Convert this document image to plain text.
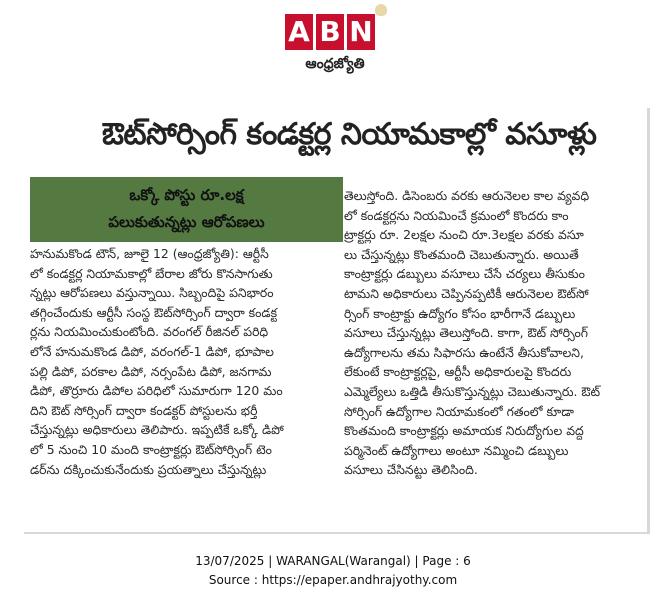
A B N
ఆంధ్రజ్యోతి
ఔట్‌సోర్సింగ్ కండక్టర్ల నియామకాల్లో వసూళ్లు
ఒక్కో పోస్టు రూ.లక్ష
పలుకుతున్నట్లు ఆరోపణలు
హనుమకొండ టౌన్, జూలై 12 (ఆంధ్రజ్యోతి): ఆర్టీసీ
లో కండక్టర్ల నియామకాల్లో బేరాల జోరు కొనసాగుతు
న్నట్లు ఆరోపణలు వస్తున్నాయి. సిబ్బందిపై పనిభారం
తగ్గించేందుకు ఆర్టీసీ సంస్థ ఔట్‌సోర్సింగ్ ద్వారా కండక్ట
ర్లను నియమించుకుంటోంది. వరంగల్ రీజినల్ పరిధి
లోనే హనుమకొండ డిపో, వరంగల్-1 డిపో, భూపాల
పల్లి డిపో, పరకాల డిపో, నర్సంపేట డిపో, జనగామ
డిపో, తొర్రూరు డిపోల పరిధిలో సుమారుగా 120 మం
దిని ఔట్ సోర్సింగ్ ద్వారా కండక్టర్ పోస్టులను భర్తీ
చేస్తున్నట్లు అధికారులు తెలిపారు. ఇప్పటికే ఒక్కో డిపో
లో 5 నుంచి 10 మంది కాంట్రాక్టర్లు ఔట్‌సోర్సింగ్ టెం
డర్‌ను దక్కించుకునేందుకు ప్రయత్నాలు చేస్తున్నట్లు
తెలుస్తోంది. డిసెంబరు వరకు ఆరునెలల కాల వ్యవధి
లో కండక్టర్లను నియమించే క్రమంలో కొందరు కాం
ట్రాక్టర్లు రూ. 2లక్షల నుంచి రూ.3లక్షల వరకు వసూ
లు చేస్తున్నట్లు కొంతమంది చెబుతున్నారు. అయితే
కాంట్రాక్టర్లు డబ్బులు వసూలు చేసే చర్యలు తీసుకుం
టామని అధికారులు చెప్పినప్పటికీ ఆరునెలల ఔట్‌సో
ర్సింగ్ కాంట్రాక్టు ఉద్యోగం కోసం భారీగానే డబ్బులు
వసూలు చేస్తున్నట్లు తెలుస్తోంది. కాగా, ఔట్ సోర్సింగ్
ఉద్యోగాలను తమ సిఫారసు ఉంటేనే తీసుకోవాలని,
లేకుంటే కాంట్రాక్టర్లపై, ఆర్టీసీ అధికారులపై కొందరు
ఎమ్మెల్యేలు ఒత్తిడి తీసుకొస్తున్నట్లు చెబుతున్నారు. ఔట్
సోర్సింగ్ ఉద్యోగాల నియామకంలో గతంలో కూడా
కొంతమంది కాంట్రాక్టర్లు అమాయక నిరుద్యోగుల వద్ద
పర్మినెంట్ ఉద్యోగాలు అంటూ నమ్మించి డబ్బులు
వసూలు చేసినట్టు తెలిసింది.
13/07/2025 | WARANGAL(Warangal) | Page : 6
Source : https://epaper.andhrajyothy.com
